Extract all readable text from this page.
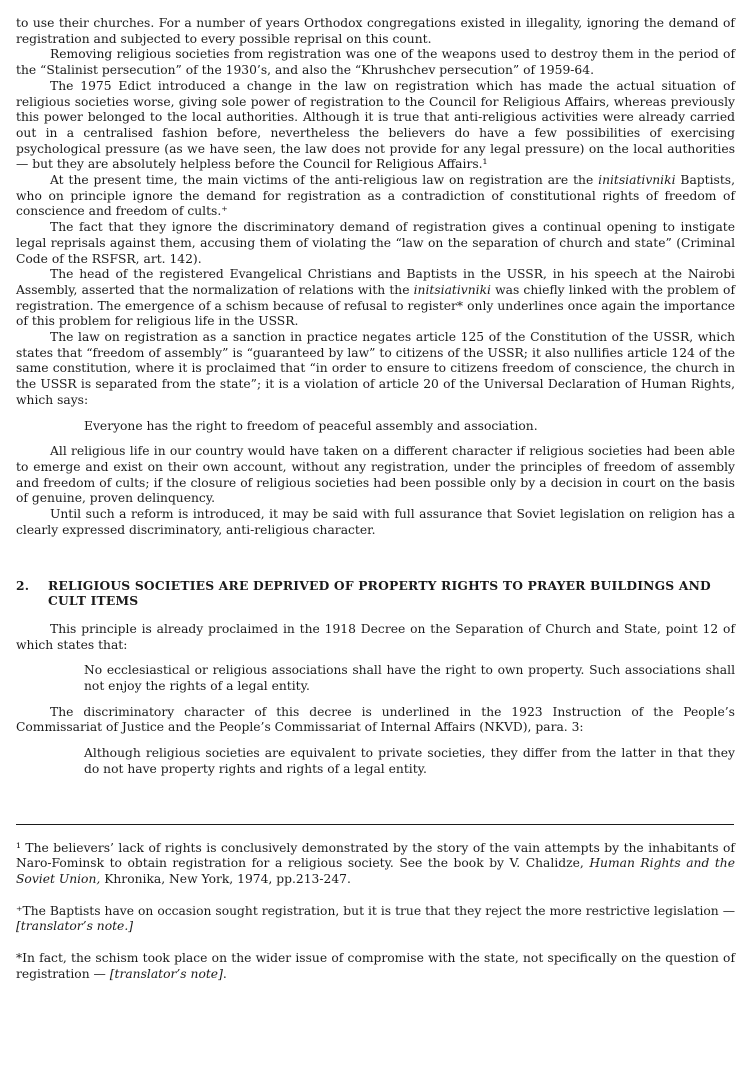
to use their churches. For a number of years Orthodox congregations existed in illegality, ignoring the demand of registration and subjected to every possible reprisal on this count.

Removing religious societies from registration was one of the weapons used to destroy them in the period of the “Stalinist persecution” of the 1930’s, and also the “Khrushchev persecution” of 1959-64.

The 1975 Edict introduced a change in the law on registration which has made the actual situation of religious societies worse, giving sole power of registration to the Council for Religious Affairs, whereas previously this power belonged to the local authorities. Although it is true that anti-religious activities were already carried out in a centralised fashion before, nevertheless the believers do have a few possibilities of exercising psychological pressure (as we have seen, the law does not provide for any legal pressure) on the local authorities — but they are absolutely helpless before the Council for Religious Affairs.¹

At the present time, the main victims of the anti-religious law on registration are the initsiativniki Baptists, who on principle ignore the demand for registration as a contradiction of constitutional rights of freedom of conscience and freedom of cults.⁺

The fact that they ignore the discriminatory demand of registration gives a continual opening to instigate legal reprisals against them, accusing them of violating the “law on the separation of church and state” (Criminal Code of the RSFSR, art. 142).

The head of the registered Evangelical Christians and Baptists in the USSR, in his speech at the Nairobi Assembly, asserted that the normalization of relations with the initsiativniki was chiefly linked with the problem of registration. The emergence of a schism because of refusal to register* only underlines once again the importance of this problem for religious life in the USSR.

The law on registration as a sanction in practice negates article 125 of the Constitution of the USSR, which states that “freedom of assembly” is “guaranteed by law” to citizens of the USSR; it also nullifies article 124 of the same constitution, where it is proclaimed that “in order to ensure to citizens freedom of conscience, the church in the USSR is separated from the state”; it is a violation of article 20 of the Universal Declaration of Human Rights, which says:

Everyone has the right to freedom of peaceful assembly and association.

All religious life in our country would have taken on a different character if religious societies had been able to emerge and exist on their own account, without any registration, under the principles of freedom of assembly and freedom of cults; if the closure of religious societies had been possible only by a decision in court on the basis of genuine, proven delinquency.

Until such a reform is introduced, it may be said with full assurance that Soviet legislation on religion has a clearly expressed discriminatory, anti-religious character.

2.	RELIGIOUS SOCIETIES ARE DEPRIVED OF PROPERTY RIGHTS TO PRAYER BUILDINGS AND CULT ITEMS

This principle is already proclaimed in the 1918 Decree on the Separation of Church and State, point 12 of which states that:

No ecclesiastical or religious associations shall have the right to own property. Such associations shall not enjoy the rights of a legal entity.

The discriminatory character of this decree is underlined in the 1923 Instruction of the People’s Commissariat of Justice and the People’s Commissariat of Internal Affairs (NKVD), para. 3:

Although religious societies are equivalent to private societies, they differ from the latter in that they do not have property rights and rights of a legal entity.

¹ The believers’ lack of rights is conclusively demonstrated by the story of the vain attempts by the inhabitants of Naro-Fominsk to obtain registration for a religious society. See the book by V. Chalidze, Human Rights and the Soviet Union, Khronika, New York, 1974, pp.213-247.

⁺The Baptists have on occasion sought registration, but it is true that they reject the more restrictive legislation — [translator’s note.]

*In fact, the schism took place on the wider issue of compromise with the state, not specifically on the question of registration — [translator’s note].
